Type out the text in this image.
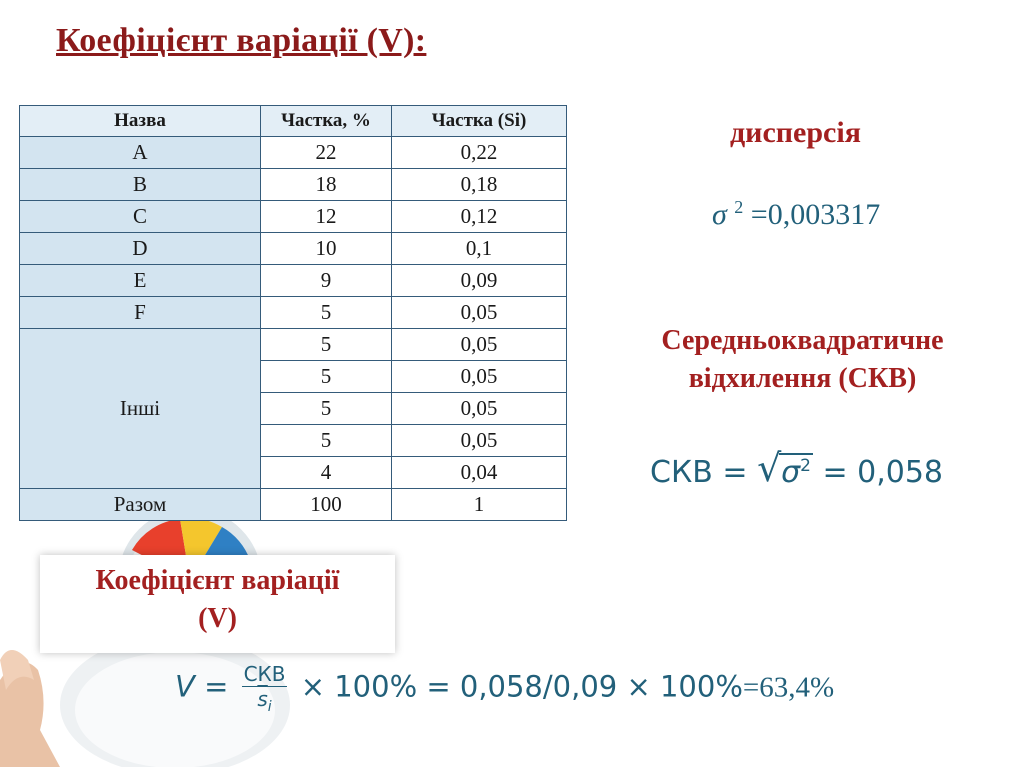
Коефіцієнт варіації (V):
Назва	Частка, %	Частка (Si)
A	22	0,22
B	18	0,18
C	12	0,12
D	10	0,1
E	9	0,09
F	5	0,05
Інші	5	0,05
	5	0,05
	5	0,05
	5	0,05
	4	0,04
Разом	100	1
дисперсія
σ $^2$ =0,003317
Середньоквадратичне
відхилення (СКВ)
СКВ = √ $\sigma^2 = 0,058$
Коефіцієнт варіації
(V)
$V = \frac{\text{СКВ}}{\overline{s}_i} \times 100\% = 0,058/0,09 \times 100\%=63,4\%$
